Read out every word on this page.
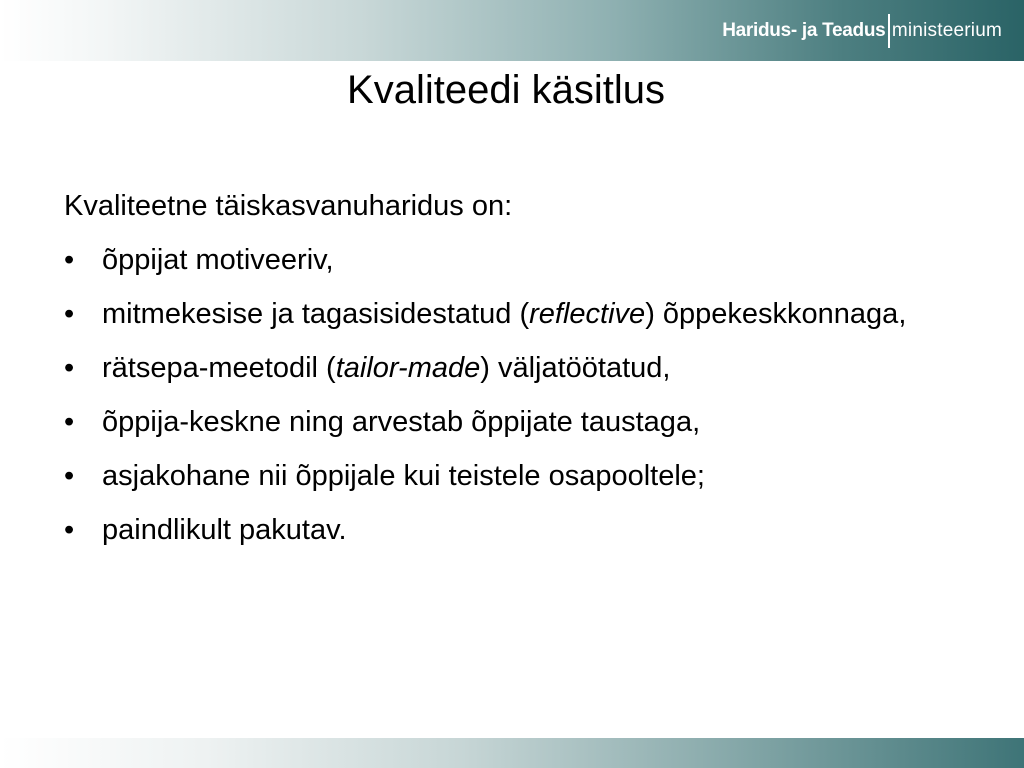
Haridus- ja Teadus ministeerium
Kvaliteedi käsitlus

Kvaliteetne täiskasvanuharidus on:

• õppijat motiveeriv,
• mitmekesise ja tagasisidestatud (reflective) õppekeskkonnaga,
• rätsepa-meetodil (tailor-made) väljatöötatud,
• õppija-keskne ning arvestab õppijate taustaga,
• asjakohane nii õppijale kui teistele osapooltele;
• paindlikult pakutav.
